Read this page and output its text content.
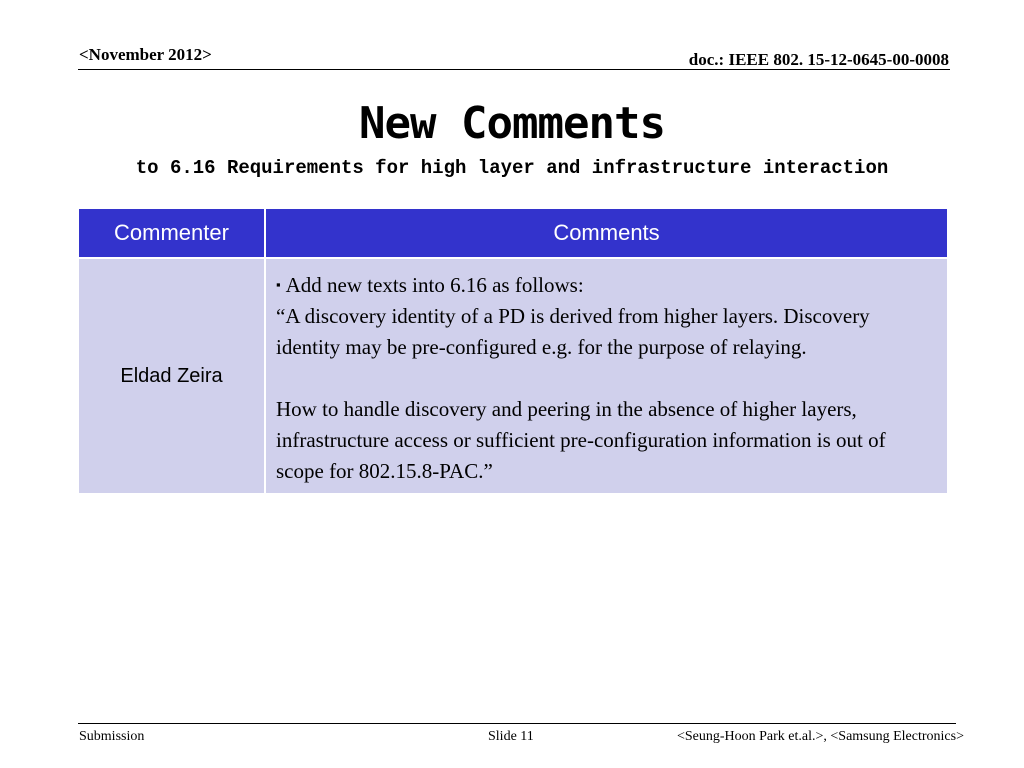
<November 2012>	doc.: IEEE 802. 15-12-0645-00-0008
New Comments
to 6.16 Requirements for high layer and infrastructure interaction
Commenter	Comments
Eldad Zeira	▪ Add new texts into 6.16 as follows:

“A discovery identity of a PD is derived from higher layers. Discovery identity may be pre-configured e.g. for the purpose of relaying.

How to handle discovery and peering in the absence of higher layers, infrastructure access or sufficient pre-configuration information is out of scope for 802.15.8-PAC.”

Submission	Slide 11	<Seung-Hoon Park et.al.>, <Samsung Electronics>
